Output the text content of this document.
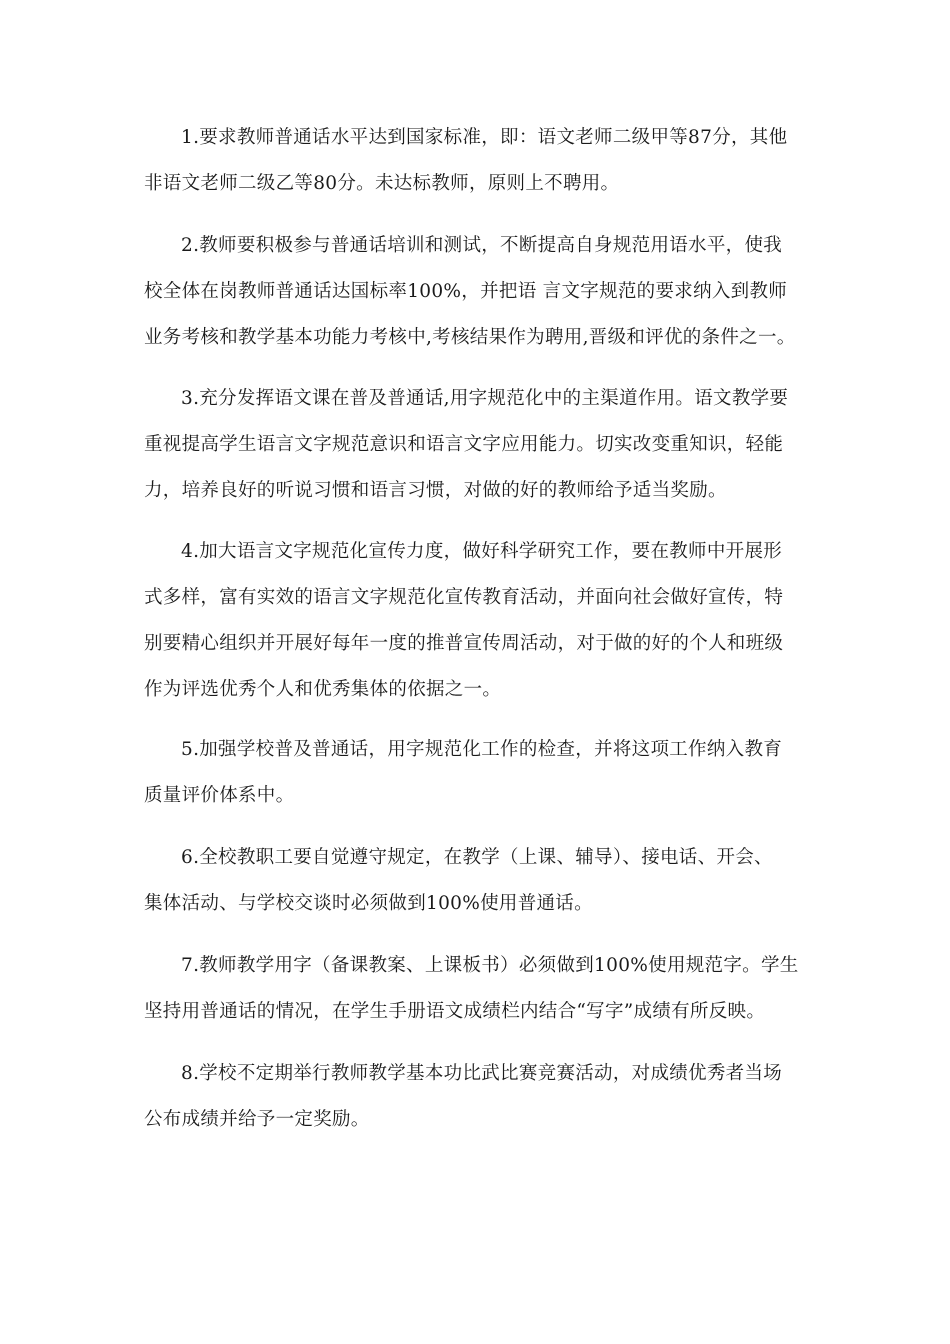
1.要求教师普通话水平达到国家标准，即：语文老师二级甲等87分，其他
非语文老师二级乙等80分。未达标教师，原则上不聘用。

2.教师要积极参与普通话培训和测试，不断提高自身规范用语水平，使我
校全体在岗教师普通话达国标率100%，并把语 言文字规范的要求纳入到教师
业务考核和教学基本功能力考核中,考核结果作为聘用,晋级和评优的条件之一。

3.充分发挥语文课在普及普通话,用字规范化中的主渠道作用。语文教学要
重视提高学生语言文字规范意识和语言文字应用能力。切实改变重知识，轻能
力，培养良好的听说习惯和语言习惯，对做的好的教师给予适当奖励。

4.加大语言文字规范化宣传力度，做好科学研究工作，要在教师中开展形
式多样，富有实效的语言文字规范化宣传教育活动，并面向社会做好宣传，特
别要精心组织并开展好每年一度的推普宣传周活动，对于做的好的个人和班级
作为评选优秀个人和优秀集体的依据之一。

5.加强学校普及普通话，用字规范化工作的检查，并将这项工作纳入教育
质量评价体系中。

6.全校教职工要自觉遵守规定，在教学（上课、辅导）、接电话、开会、
集体活动、与学校交谈时必须做到100%使用普通话。

7.教师教学用字（备课教案、上课板书）必须做到100%使用规范字。学生
坚持用普通话的情况，在学生手册语文成绩栏内结合“写字”成绩有所反映。

8.学校不定期举行教师教学基本功比武比赛竞赛活动，对成绩优秀者当场
公布成绩并给予一定奖励。
